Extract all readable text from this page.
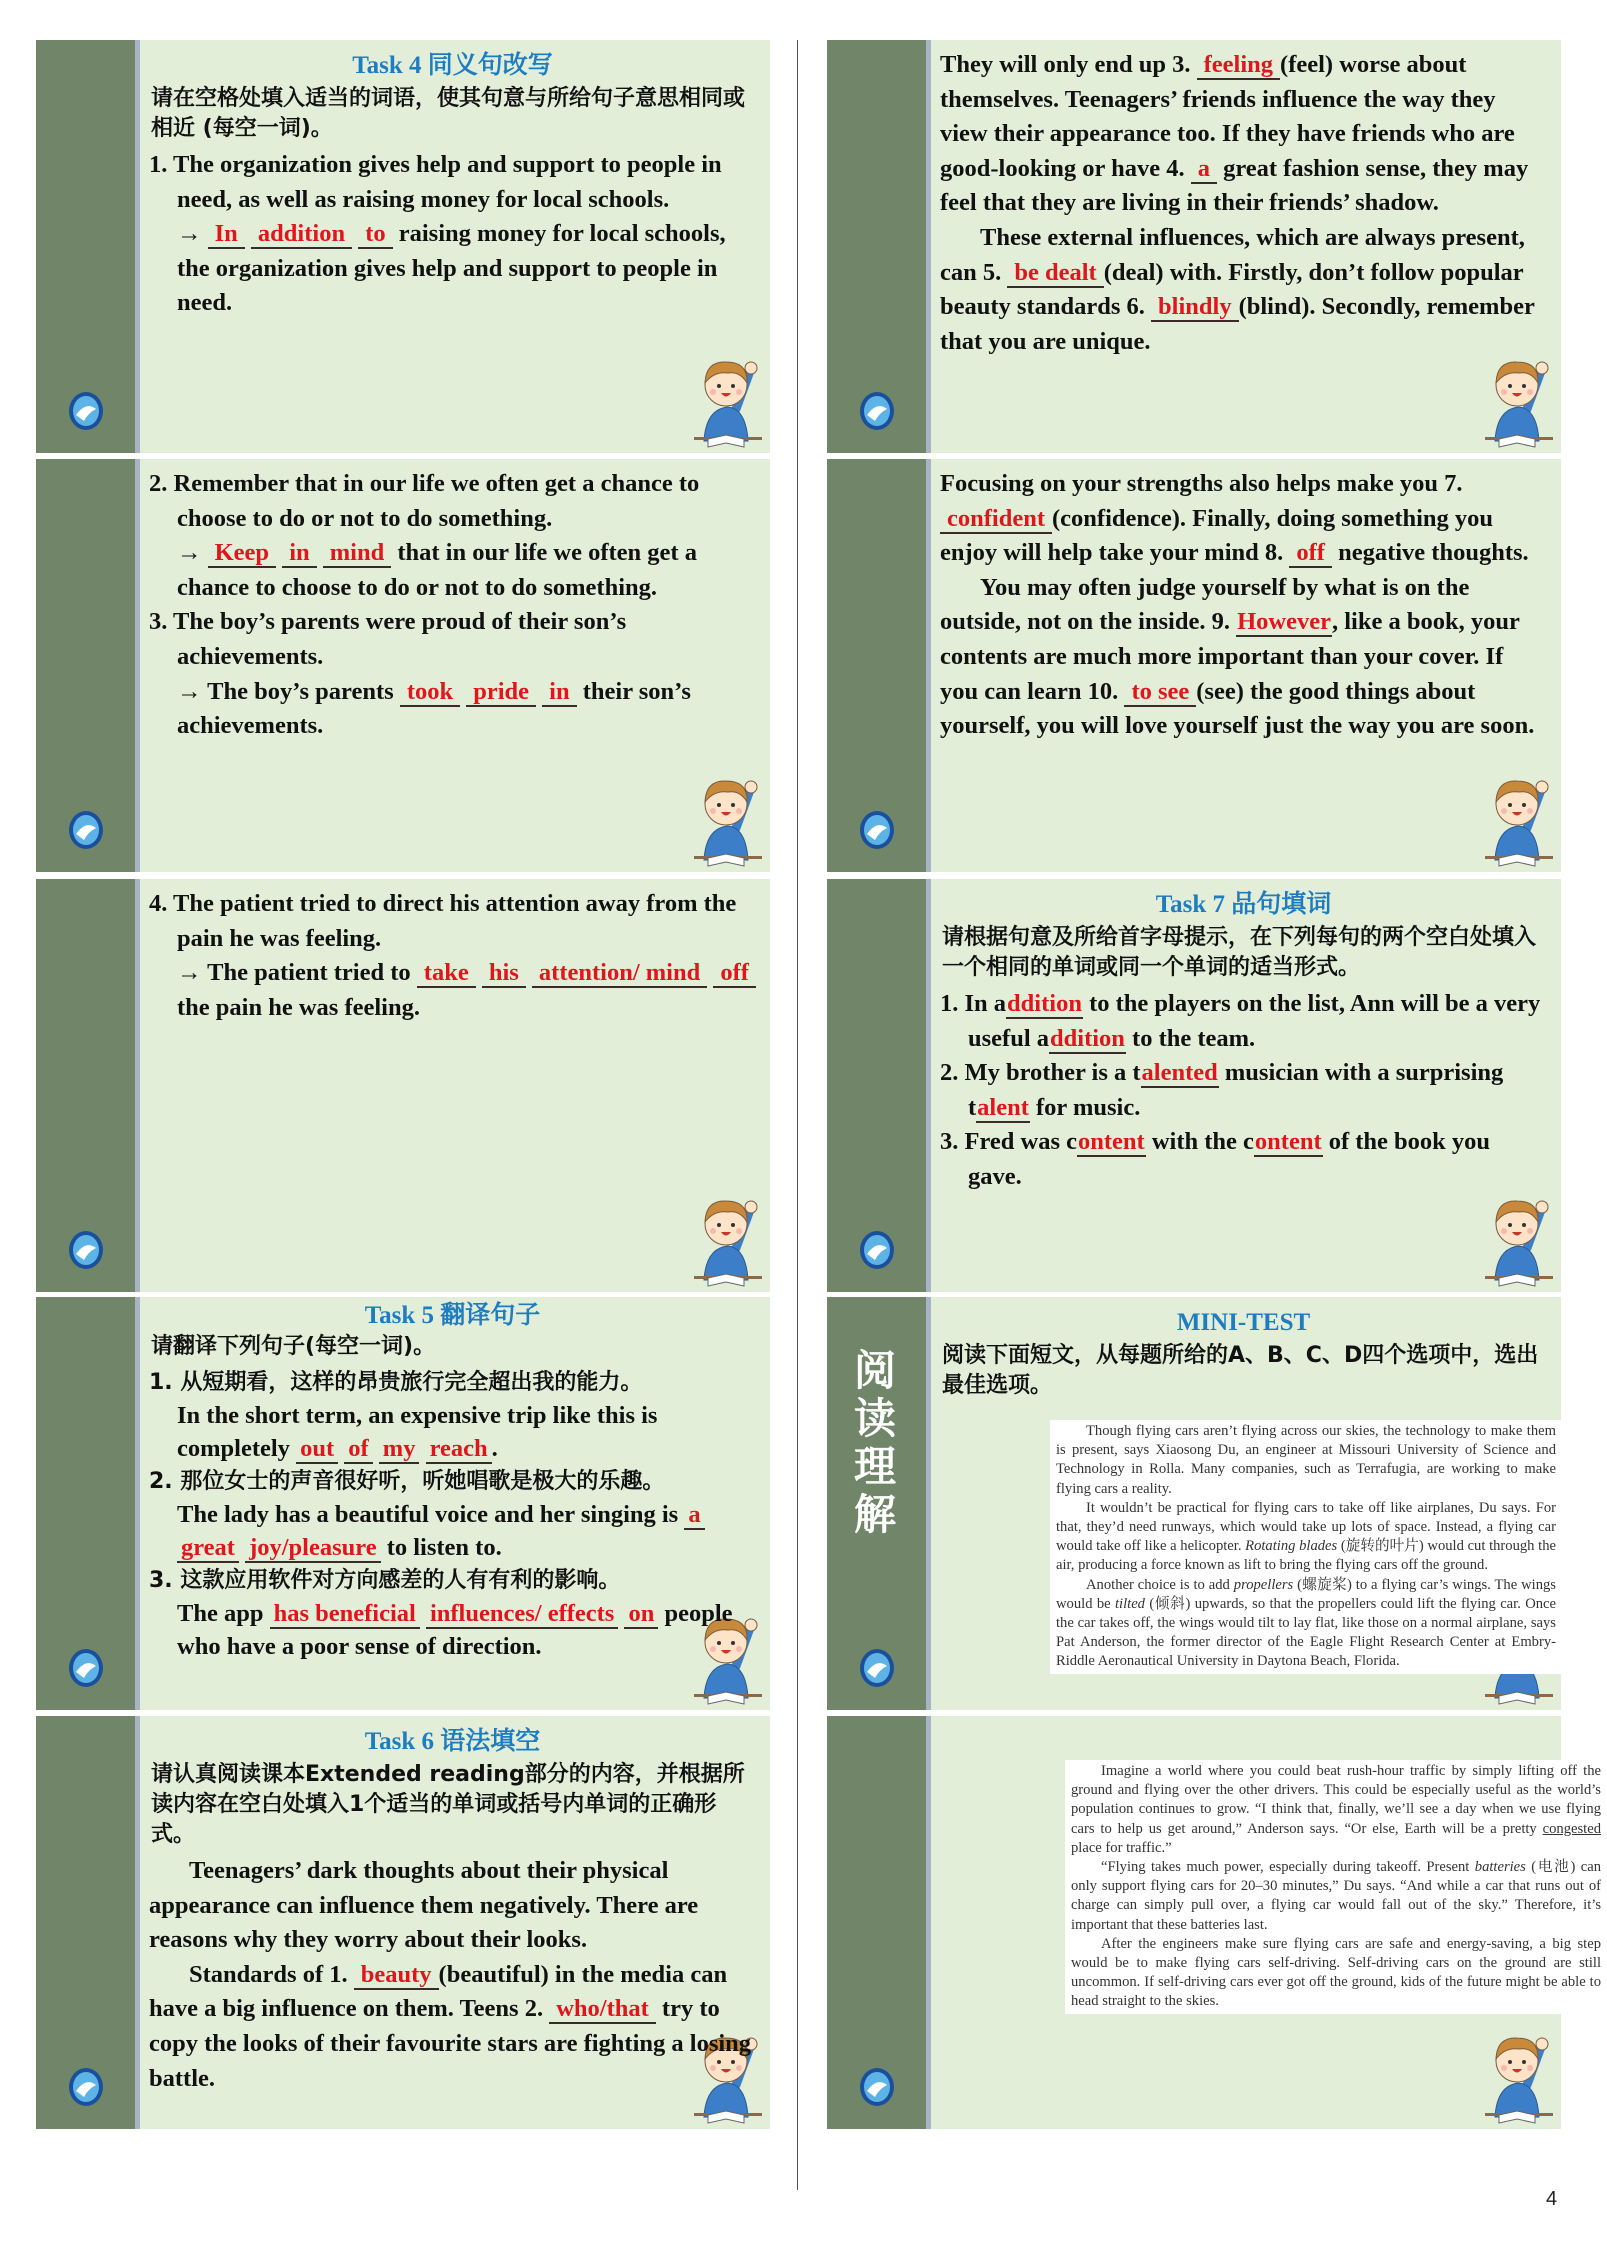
Task 4 同义句改写
请在空格处填入适当的词语，使其句意与所给句子意思相同或相近 (每空一词)。
1. The organization gives help and support to people in need, as well as raising money for local schools.
→ In addition to raising money for local schools, the organization gives help and support to people in need.
2. Remember that in our life we often get a chance to choose to do or not to do something.
→ Keep in mind that in our life we often get a chance to choose to do or not to do something.
3. The boy’s parents were proud of their son’s achievements.
→ The boy’s parents took pride in their son’s achievements.
4. The patient tried to direct his attention away from the pain he was feeling.
→ The patient tried to take his attention/ mind off the pain he was feeling.
Task 5 翻译句子
请翻译下列句子(每空一词)。
1. 从短期看，这样的昂贵旅行完全超出我的能力。
In the short term, an expensive trip like this is completely out of my reach .
2. 那位女士的声音很好听，听她唱歌是极大的乐趣。
The lady has a beautiful voice and her singing is a great joy/pleasure to listen to.
3. 这款应用软件对方向感差的人有有利的影响。
The app has beneficial influences/ effects on people who have a poor sense of direction.
Task 6 语法填空
请认真阅读课本Extended reading部分的内容，并根据所读内容在空白处填入1个适当的单词或括号内单词的正确形式。
Teenagers’ dark thoughts about their physical appearance can influence them negatively. There are reasons why they worry about their looks.
Standards of 1. beauty (beautiful) in the media can have a big influence on them. Teens 2. who/that try to copy the looks of their favourite stars are fighting a losing battle.
They will only end up 3. feeling (feel) worse about themselves. Teenagers’ friends influence the way they view their appearance too. If they have friends who are good-looking or have 4. a great fashion sense, they may feel that they are living in their friends’ shadow.
These external influences, which are always present, can 5. be dealt (deal) with. Firstly, don’t follow popular beauty standards 6. blindly (blind). Secondly, remember that you are unique.
Focusing on your strengths also helps make you 7. confident (confidence). Finally, doing something you enjoy will help take your mind 8. off negative thoughts.
You may often judge yourself by what is on the outside, not on the inside. 9. However, like a book, your contents are much more important than your cover. If you can learn 10. to see (see) the good things about yourself, you will love yourself just the way you are soon.
Task 7 品句填词
请根据句意及所给首字母提示，在下列每句的两个空白处填入一个相同的单词或同一个单词的适当形式。
1. In addition to the players on the list, Ann will be a very useful addition to the team.
2. My brother is a talented musician with a surprising talent for music.
3. Fred was content with the content of the book you gave.
阅读理解
MINI-TEST
阅读下面短文，从每题所给的A、B、C、D四个选项中，选出最佳选项。

Though flying cars aren’t flying across our skies, the technology to make them is present, says Xiaosong Du, an engineer at Missouri University of Science and Technology in Rolla. Many companies, such as Terrafugia, are working to make flying cars a reality.

It wouldn’t be practical for flying cars to take off like airplanes, Du says. For that, they’d need runways, which would take up lots of space. Instead, a flying car would take off like a helicopter. Rotating blades (旋转的叶片) would cut through the air, producing a force known as lift to bring the flying cars off the ground.

Another choice is to add propellers (螺旋桨) to a flying car’s wings. The wings would be tilted (倾斜) upwards, so that the propellers could lift the flying car. Once the car takes off, the wings would tilt to lay flat, like those on a normal airplane, says Pat Anderson, the former director of the Eagle Flight Research Center at Embry-Riddle Aeronautical University in Daytona Beach, Florida.

Imagine a world where you could beat rush-hour traffic by simply lifting off the ground and flying over the other drivers. This could be especially useful as the world’s population continues to grow. “I think that, finally, we’ll see a day when we use flying cars to help us get around,” Anderson says. “Or else, Earth will be a pretty congested place for traffic.”

“Flying takes much power, especially during takeoff. Present batteries (电池) can only support flying cars for 20–30 minutes,” Du says. “And while a car that runs out of charge can simply pull over, a flying car would fall out of the sky.” Therefore, it’s important that these batteries last.

After the engineers make sure flying cars are safe and energy-saving, a big step would be to make flying cars self-driving. Self-driving cars on the ground are still uncommon. If self-driving cars ever got off the ground, kids of the future might be able to head straight to the skies.

4
